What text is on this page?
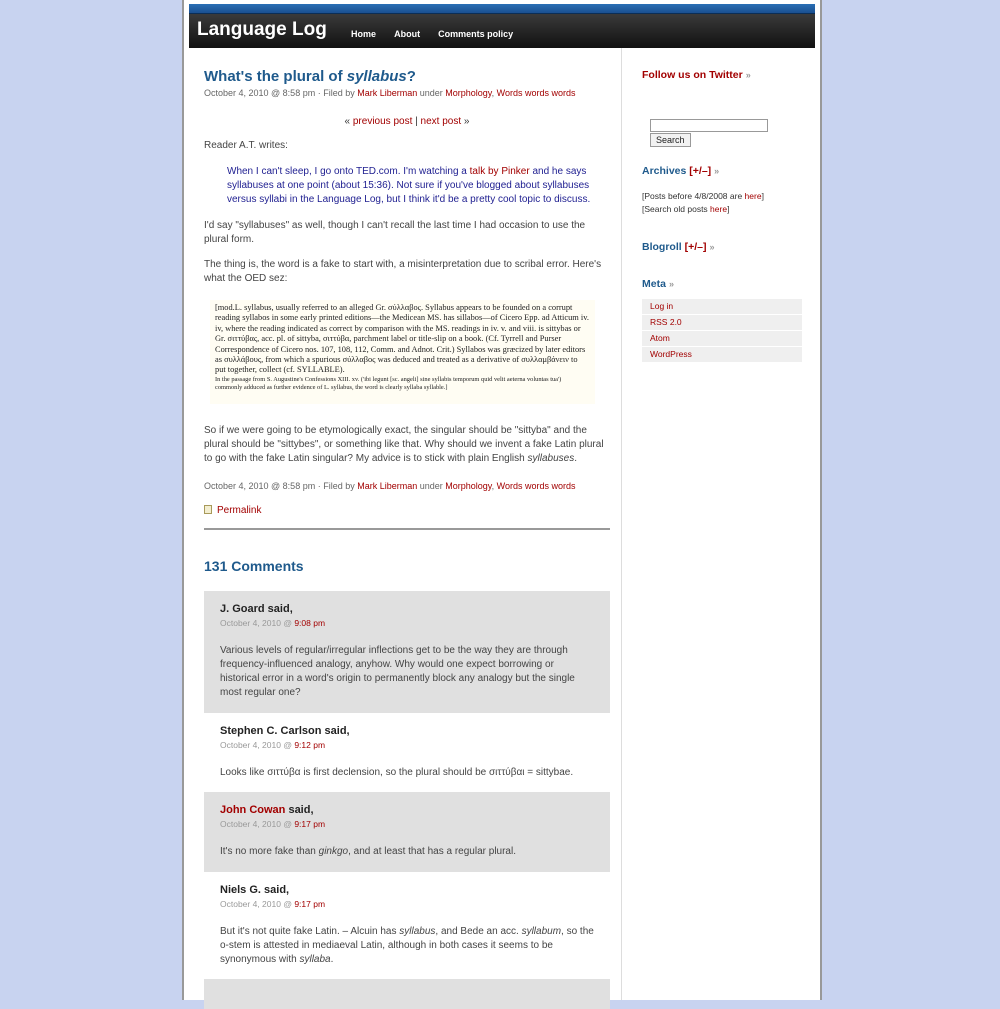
Language Log	Home About Comments policy
What's the plural of syllabus?
October 4, 2010 @ 8:58 pm · Filed by Mark Liberman under Morphology, Words words words
« previous post | next post »

Reader A.T. writes:

When I can't sleep, I go onto TED.com. I'm watching a talk by Pinker and he says syllabuses at one point (about 15:36). Not sure if you've blogged about syllabuses versus syllabi in the Language Log, but I think it'd be a pretty cool topic to discuss.

I'd say "syllabuses" as well, though I can't recall the last time I had occasion to use the plural form.

The thing is, the word is a fake to start with, a misinterpretation due to scribal error. Here's what the OED sez:

[mod.L. syllabus, usually referred to an alleged Gr. σύλλαβος. Syllabus appears to be founded on a corrupt reading syllabos in some early printed editions—the Medicean MS. has sillabos—of Cicero Epp. ad Atticum iv. iv, where the reading indicated as correct by comparison with the MS. readings in iv. v. and viii. is sittybas or Gr. σιττύβας, acc. pl. of sittyba, σιττύβα, parchment label or title-slip on a book. (Cf. Tyrrell and Purser Correspondence of Cicero nos. 107, 108, 112, Comm. and Adnot. Crit.) Syllabos was græcized by later editors as συλλάβους, from which a spurious σύλλαβος was deduced and treated as a derivative of συλλαμβάνειν to put together, collect (cf. SYLLABLE).
In the passage from S. Augustine's Confessions XIII. xv. ('ibi legunt [sc. angeli] sine syllabis temporum quid velit aeterna voluntas tua') commonly adduced as further evidence of L. syllabus, the word is clearly syllaba syllable.]

So if we were going to be etymologically exact, the singular should be "sittyba" and the plural should be "sittybes", or something like that. Why should we invent a fake Latin plural to go with the fake Latin singular? My advice is to stick with plain English syllabuses.

October 4, 2010 @ 8:58 pm · Filed by Mark Liberman under Morphology, Words words words
Permalink
131 Comments
J. Goard said,
October 4, 2010 @ 9:08 pm
Various levels of regular/irregular inflections get to be the way they are through frequency-influenced analogy, anyhow. Why would one expect borrowing or historical error in a word's origin to permanently block any analogy but the single most regular one?
Stephen C. Carlson said,
October 4, 2010 @ 9:12 pm
Looks like σιττύβα is first declension, so the plural should be σιττύβαι = sittybae.
John Cowan said,
October 4, 2010 @ 9:17 pm
It's no more fake than ginkgo, and at least that has a regular plural.
Niels G. said,
October 4, 2010 @ 9:17 pm
But it's not quite fake Latin. – Alcuin has syllabus, and Bede an acc. syllabum, so the o-stem is attested in mediaeval Latin, although in both cases it seems to be synonymous with syllaba.
Follow us on Twitter »
Search
Archives [+/–] »
[Posts before 4/8/2008 are here]
[Search old posts here]
Blogroll [+/–] »
Meta »
Log in
RSS 2.0
Atom
WordPress
